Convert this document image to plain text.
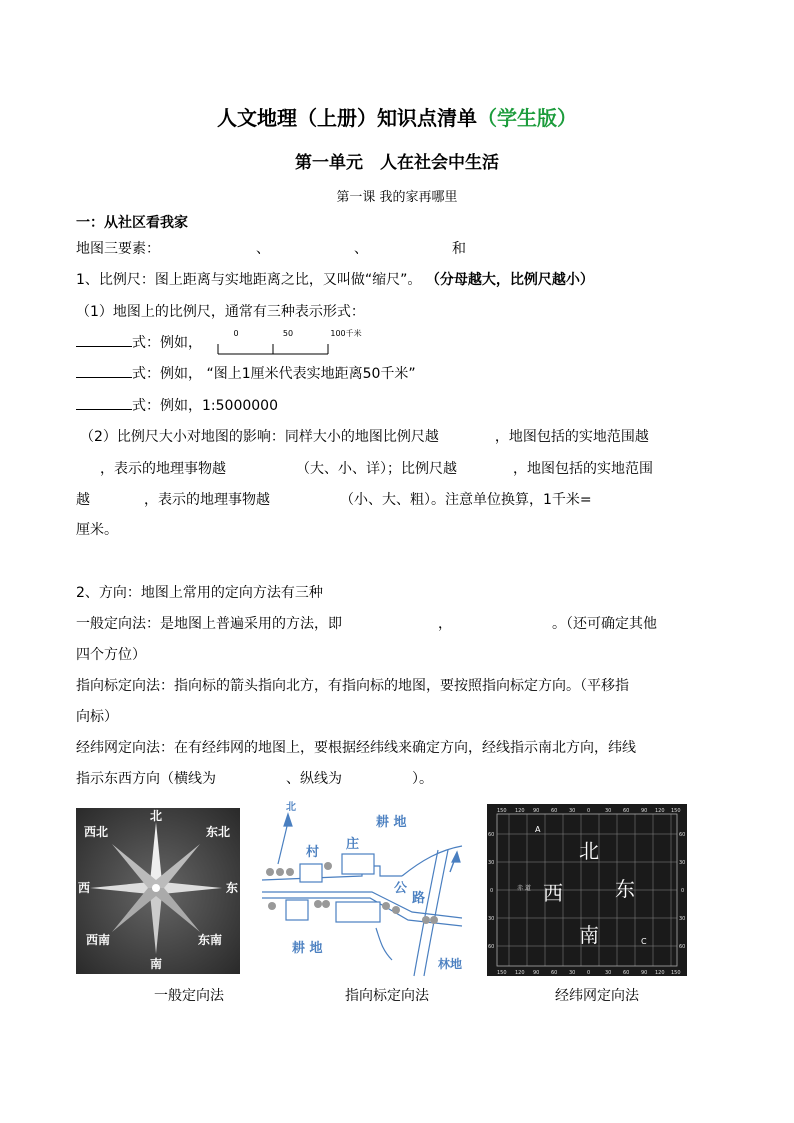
人文地理（上册）知识点清单（学生版）
第一单元　人在社会中生活
第一课 我的家再哪里
一：从社区看我家
地图三要素：	、	、	和
1、比例尺：图上距离与实地距离之比，又叫做“缩尺”。 （分母越大，比例尺越小）
（1）地图上的比例尺，通常有三种表示形式：
式：例如，
0	50	100千米
式：例如， “图上1厘米代表实地距离50千米”
式：例如，1:5000000
（2）比例尺大小对地图的影响：同样大小的地图比例尺越	，地图包括的实地范围越
，表示的地理事物越	（大、小、详）；比例尺越	，地图包括的实地范围
越	，表示的地理事物越	（小、大、粗）。注意单位换算，1千米=
厘米。
2、方向：地图上常用的定向方法有三种
一般定向法：是地图上普遍采用的方法，即	，	。（还可确定其他
四个方位）
指向标定向法：指向标的箭头指向北方，有指向标的地图，要按照指向标定方向。（平移指
向标）
经纬网定向法：在有经纬网的地图上，要根据经纬线来确定方向，经线指示南北方向，纬线
指示东西方向（横线为	、纵线为	）。
北
南
东
西
东北
西北
东南
西南
北
村
庄
耕 地
公
路
耕 地
林地
150 120 90 60 30 0	30 60 90 120 150
150 120 90 60 30 0	30 60 90 120 150
60
30
0
30
60
60
30
0
30
60
赤 道
A
C
北
西	东
南
一般定向法	指向标定向法	经纬网定向法
